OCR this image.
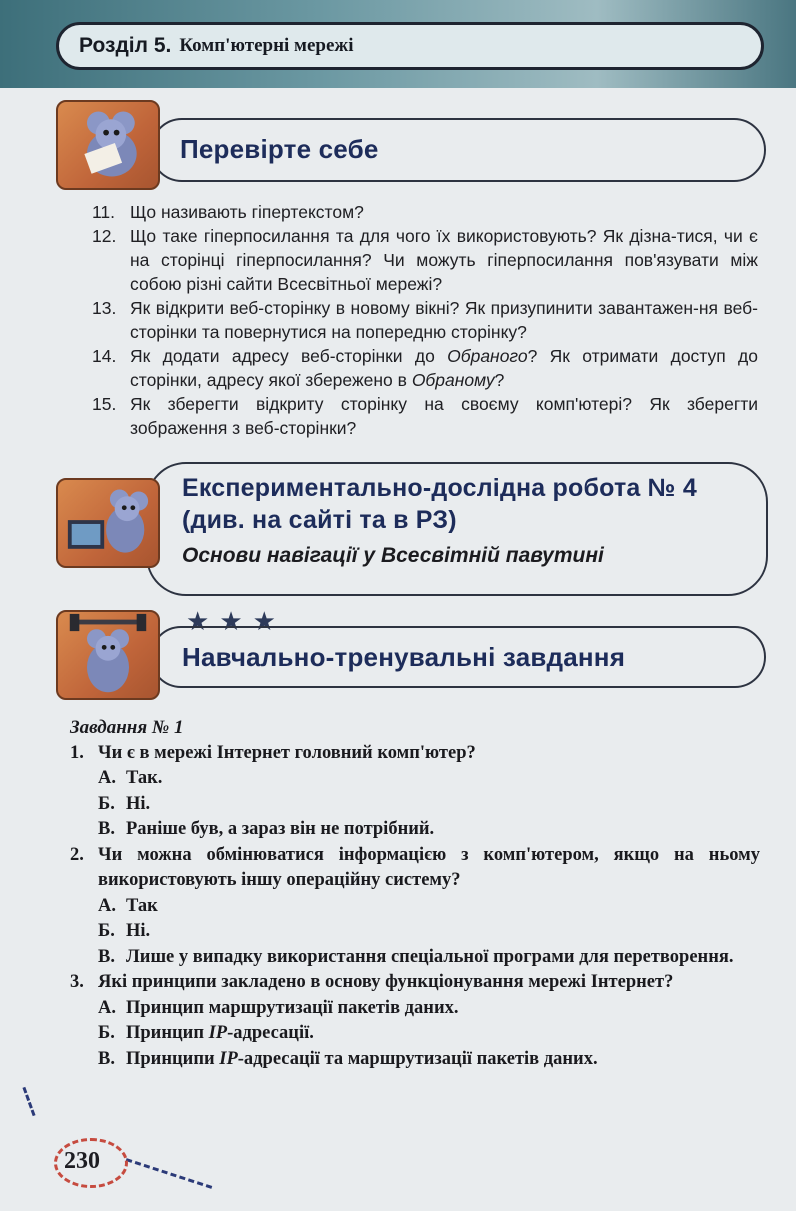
Розділ 5. Комп'ютерні мережі
Перевірте себе
11. Що називають гіпертекстом?
12. Що таке гіперпосилання та для чого їх використовують? Як дізна-тися, чи є на сторінці гіперпосилання? Чи можуть гіперпосилання пов'язувати між собою різні сайти Всесвітньої мережі?
13. Як відкрити веб-сторінку в новому вікні? Як призупинити завантажен-ня веб-сторінки та повернутися на попередню сторінку?
14. Як додати адресу веб-сторінки до Обраного? Як отримати доступ до сторінки, адресу якої збережено в Обраному?
15. Як зберегти відкриту сторінку на своєму комп'ютері? Як зберегти зображення з веб-сторінки?
Експериментально-дослідна робота № 4
(див. на сайті та в РЗ)
Основи навігації у Всесвітній павутині
★ ★ ★
Навчально-тренувальні завдання
Завдання № 1
1. Чи є в мережі Інтернет головний комп'ютер?
А. Так.
Б. Ні.
В. Раніше був, а зараз він не потрібний.
2. Чи можна обмінюватися інформацією з комп'ютером, якщо на ньому використовують іншу операційну систему?
А. Так
Б. Ні.
В. Лише у випадку використання спеціальної програми для перетворення.
3. Які принципи закладено в основу функціонування мережі Інтернет?
А. Принцип маршрутизації пакетів даних.
Б. Принцип IP-адресації.
В. Принципи IP-адресації та маршрутизації пакетів даних.
230
